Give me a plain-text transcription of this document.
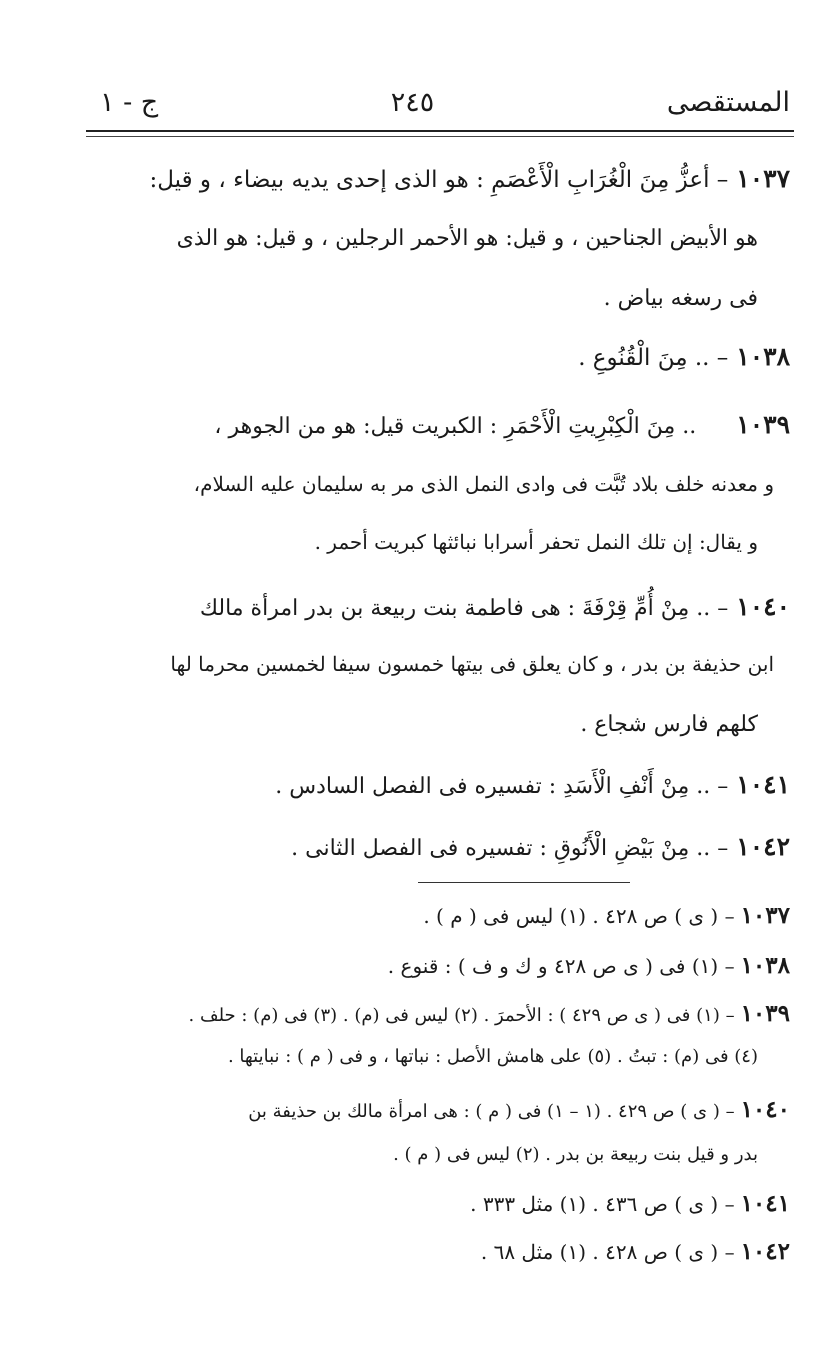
المستقصى
٢٤٥
ج - ١
١٠٣٧– أعزُّ مِنَ الْغُرَابِ الْأَعْصَمِ : هو الذى إحدى يديه بيضاء ، و قيل:
هو الأبيض الجناحين ، و قيل: هو الأحمر الرجلين ، و قيل: هو الذى
فى رسغه بياض .
١٠٣٨– .. مِنَ الْقُنُوعِ .
١٠٣٩.. مِنَ الْكِبْرِيتِ الْأَحْمَرِ : الكبريت قيل: هو من الجوهر ،
و معدنه خلف بلاد تُبَّت فى وادى النمل الذى مر به سليمان عليه السلام،
و يقال: إن تلك النمل تحفر أسرابا نبائثها كبريت أحمر .
١٠٤٠– .. مِنْ أُمِّ قِرْفَةَ : هى فاطمة بنت ربيعة بن بدر امرأة مالك
ابن حذيفة بن بدر ، و كان يعلق فى بيتها خمسون سيفا لخمسين محرما لها
كلهم فارس شجاع .
١٠٤١– .. مِنْ أَنْفِ الْأَسَدِ : تفسيره فى الفصل السادس .
١٠٤٢– .. مِنْ بَيْضِ الْأَنُوقِ : تفسيره فى الفصل الثانى .
١٠٣٧– ( ى ) ص ٤٢٨ . (١) ليس فى ( م ) .
١٠٣٨– (١) فى ( ى ص ٤٢٨ و ك و ف ) : قنوع .
١٠٣٩– (١) فى ( ى ص ٤٢٩ ) : الأحمرَ . (٢) ليس فى (م) . (٣) فى (م) : حلف .
(٤) فى (م) : تبتُ . (٥) على هامش الأصل : نباتها ، و فى ( م ) : نبايتها .
١٠٤٠– ( ى ) ص ٤٢٩ . (١ – ١) فى ( م ) : هى امرأة مالك بن حذيفة بن
بدر و قيل بنت ربيعة بن بدر . (٢) ليس فى ( م ) .
١٠٤١– ( ى ) ص ٤٣٦ . (١) مثل ٣٣٣ .
١٠٤٢– ( ى ) ص ٤٢٨ . (١) مثل ٦٨ .
